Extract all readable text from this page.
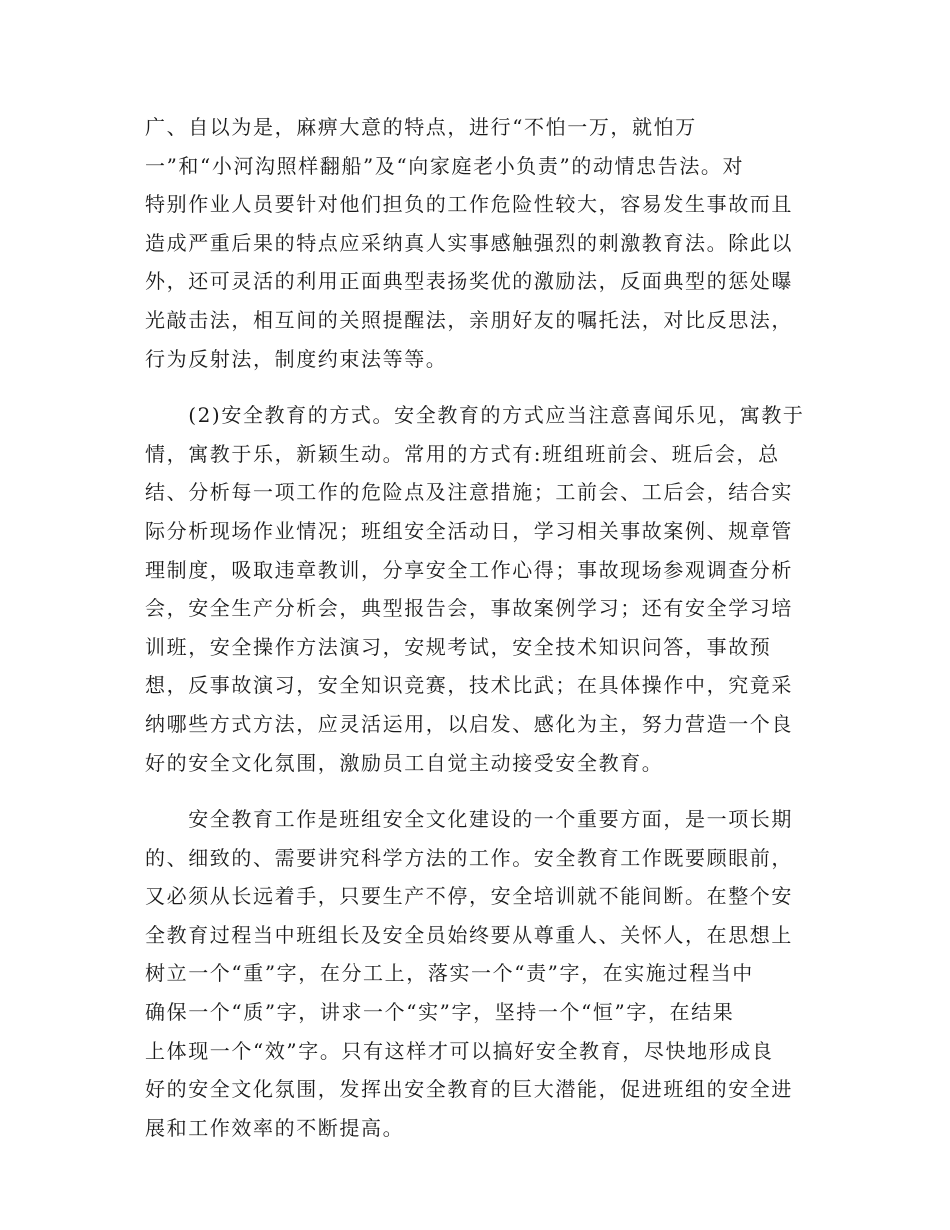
广、自以为是，麻痹大意的特点，进行“不怕一万，就怕万
一”和“小河沟照样翻船”及“向家庭老小负责”的动情忠告法。对
特别作业人员要针对他们担负的工作危险性较大，容易发生事故而且
造成严重后果的特点应采纳真人实事感触强烈的刺激教育法。除此以
外，还可灵活的利用正面典型表扬奖优的激励法，反面典型的惩处曝
光敲击法，相互间的关照提醒法，亲朋好友的嘱托法，对比反思法，
行为反射法，制度约束法等等。
　　(2)安全教育的方式。安全教育的方式应当注意喜闻乐见，寓教于
情，寓教于乐，新颖生动。常用的方式有:班组班前会、班后会，总
结、分析每一项工作的危险点及注意措施；工前会、工后会，结合实
际分析现场作业情况；班组安全活动日，学习相关事故案例、规章管
理制度，吸取违章教训，分享安全工作心得；事故现场参观调查分析
会，安全生产分析会，典型报告会，事故案例学习；还有安全学习培
训班，安全操作方法演习，安规考试，安全技术知识问答，事故预
想，反事故演习，安全知识竞赛，技术比武；在具体操作中，究竟采
纳哪些方式方法，应灵活运用，以启发、感化为主，努力营造一个良
好的安全文化氛围，激励员工自觉主动接受安全教育。
　　安全教育工作是班组安全文化建设的一个重要方面，是一项长期
的、细致的、需要讲究科学方法的工作。安全教育工作既要顾眼前，
又必须从长远着手，只要生产不停，安全培训就不能间断。在整个安
全教育过程当中班组长及安全员始终要从尊重人、关怀人，在思想上
树立一个“重”字，在分工上，落实一个“责”字，在实施过程当中
确保一个“质”字，讲求一个“实”字，坚持一个“恒”字，在结果
上体现一个“效”字。只有这样才可以搞好安全教育，尽快地形成良
好的安全文化氛围，发挥出安全教育的巨大潜能，促进班组的安全进
展和工作效率的不断提高。
